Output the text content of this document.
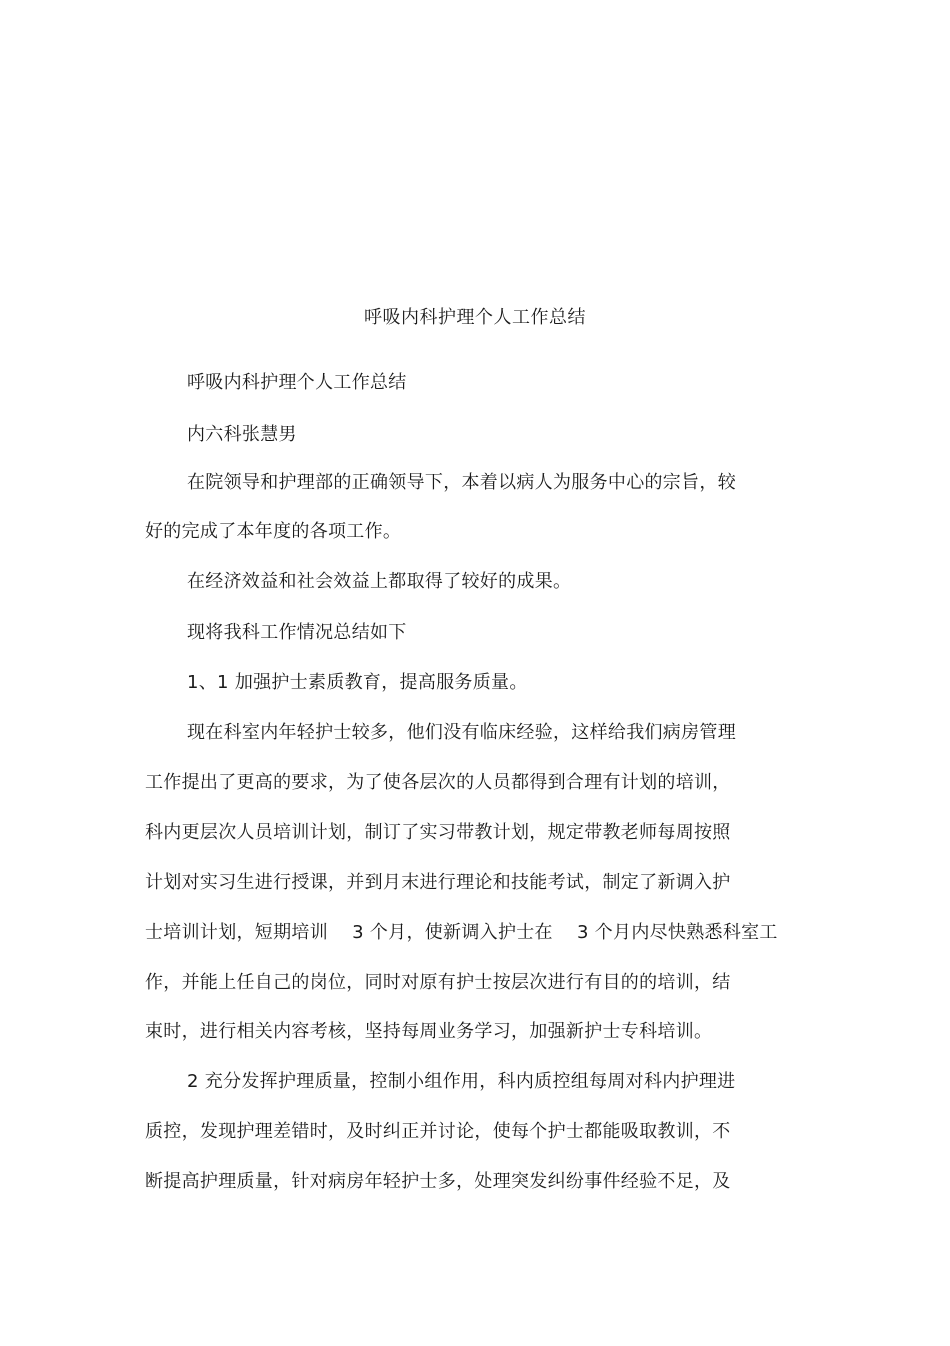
呼吸内科护理个人工作总结

呼吸内科护理个人工作总结

内六科张慧男

在院领导和护理部的正确领导下，本着以病人为服务中心的宗旨，较

好的完成了本年度的各项工作。

在经济效益和社会效益上都取得了较好的成果。

现将我科工作情况总结如下

1、1 加强护士素质教育，提高服务质量。

现在科室内年轻护士较多，他们没有临床经验，这样给我们病房管理

工作提出了更高的要求，为了使各层次的人员都得到合理有计划的培训，

科内更层次人员培训计划，制订了实习带教计划，规定带教老师每周按照

计划对实习生进行授课，并到月末进行理论和技能考试，制定了新调入护

士培训计划，短期培训    3 个月，使新调入护士在    3 个月内尽快熟悉科室工

作，并能上任自己的岗位，同时对原有护士按层次进行有目的的培训，结

束时，进行相关内容考核，坚持每周业务学习，加强新护士专科培训。

2 充分发挥护理质量，控制小组作用，科内质控组每周对科内护理进

质控，发现护理差错时，及时纠正并讨论，使每个护士都能吸取教训，不

断提高护理质量，针对病房年轻护士多，处理突发纠纷事件经验不足，及
